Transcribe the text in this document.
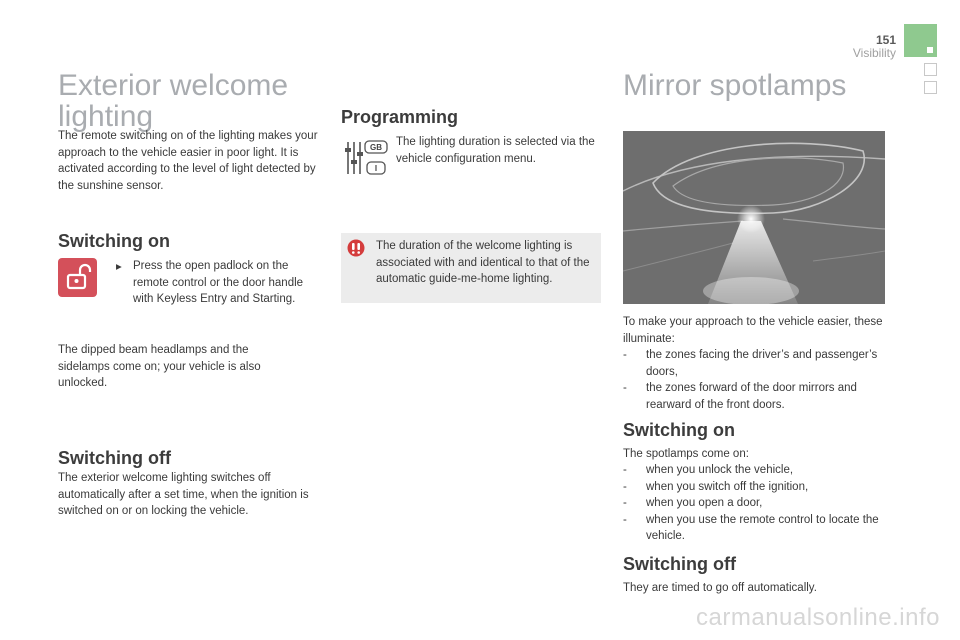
151
Visibility
Exterior welcome
lighting

The remote switching on of the lighting makes your approach to the vehicle easier in poor light. It is activated according to the level of light detected by the sunshine sensor.

Switching on
▸ Press the open padlock on the remote control or the door handle with Keyless Entry and Starting.

The dipped beam headlamps and the sidelamps come on; your vehicle is also unlocked.

Switching off

The exterior welcome lighting switches off automatically after a set time, when the ignition is switched on or on locking the vehicle.

Programming
GB
I

The lighting duration is selected via the vehicle configuration menu.

The duration of the welcome lighting is associated with and identical to that of the automatic guide-me-home lighting.

Mirror spotlamps

To make your approach to the vehicle easier, these illuminate:

- the zones facing the driver’s and passenger’s doors,
- the zones forward of the door mirrors and rearward of the front doors.
Switching on

The spotlamps come on:

- when you unlock the vehicle,
- when you switch off the ignition,
- when you open a door,
- when you use the remote control to locate the vehicle.
Switching off

They are timed to go off automatically.

carmanualsonline.info
